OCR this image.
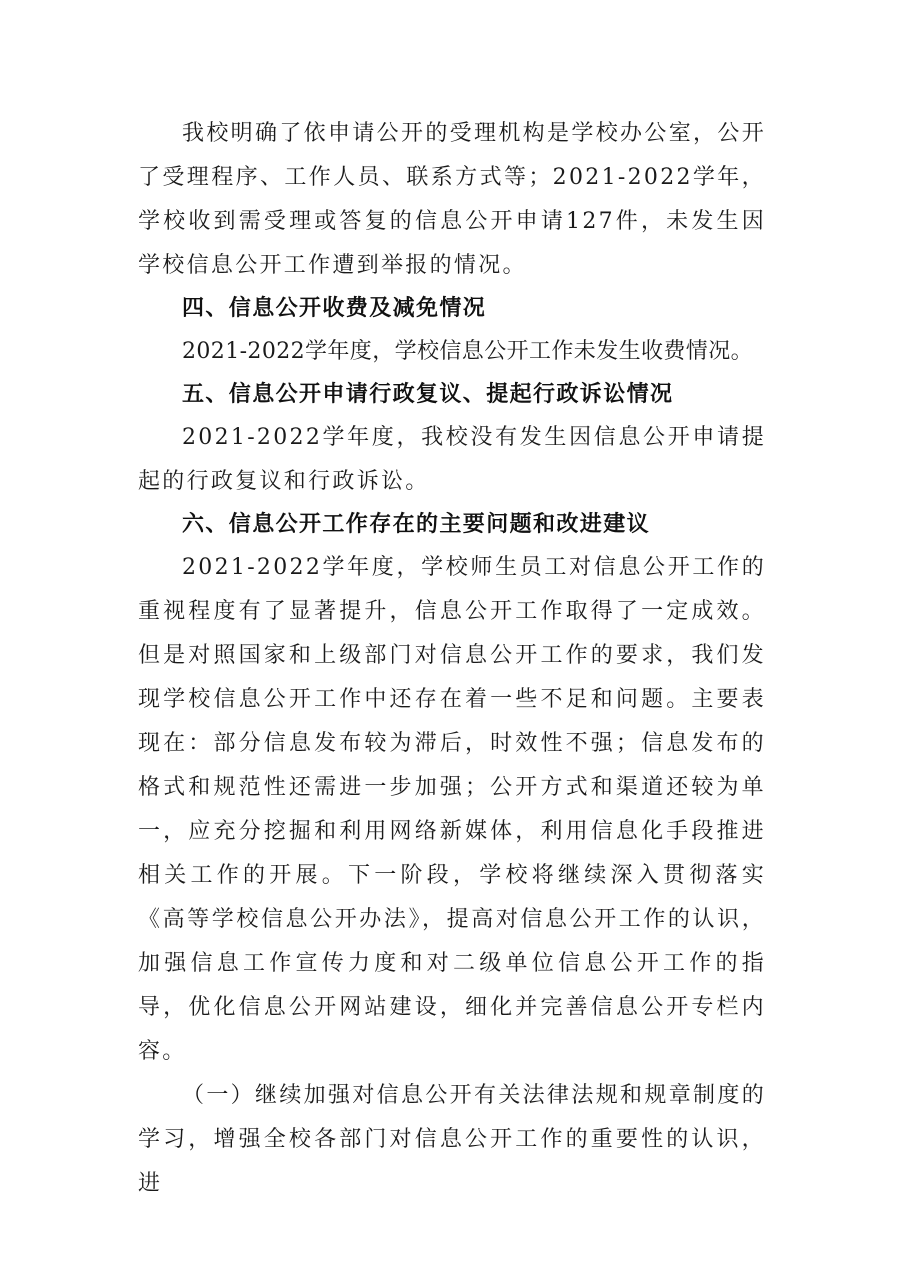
我校明确了依申请公开的受理机构是学校办公室，公开了受理程序、工作人员、联系方式等；2021-2022学年，学校收到需受理或答复的信息公开申请127件，未发生因学校信息公开工作遭到举报的情况。

四、信息公开收费及减免情况

2021-2022学年度，学校信息公开工作未发生收费情况。

五、信息公开申请行政复议、提起行政诉讼情况

2021-2022学年度，我校没有发生因信息公开申请提起的行政复议和行政诉讼。

六、信息公开工作存在的主要问题和改进建议

2021-2022学年度，学校师生员工对信息公开工作的重视程度有了显著提升，信息公开工作取得了一定成效。但是对照国家和上级部门对信息公开工作的要求，我们发现学校信息公开工作中还存在着一些不足和问题。主要表现在：部分信息发布较为滞后，时效性不强；信息发布的格式和规范性还需进一步加强；公开方式和渠道还较为单一，应充分挖掘和利用网络新媒体，利用信息化手段推进相关工作的开展。下一阶段，学校将继续深入贯彻落实《高等学校信息公开办法》，提高对信息公开工作的认识，加强信息工作宣传力度和对二级单位信息公开工作的指导，优化信息公开网站建设，细化并完善信息公开专栏内容。

（一）继续加强对信息公开有关法律法规和规章制度的学习，增强全校各部门对信息公开工作的重要性的认识，进
